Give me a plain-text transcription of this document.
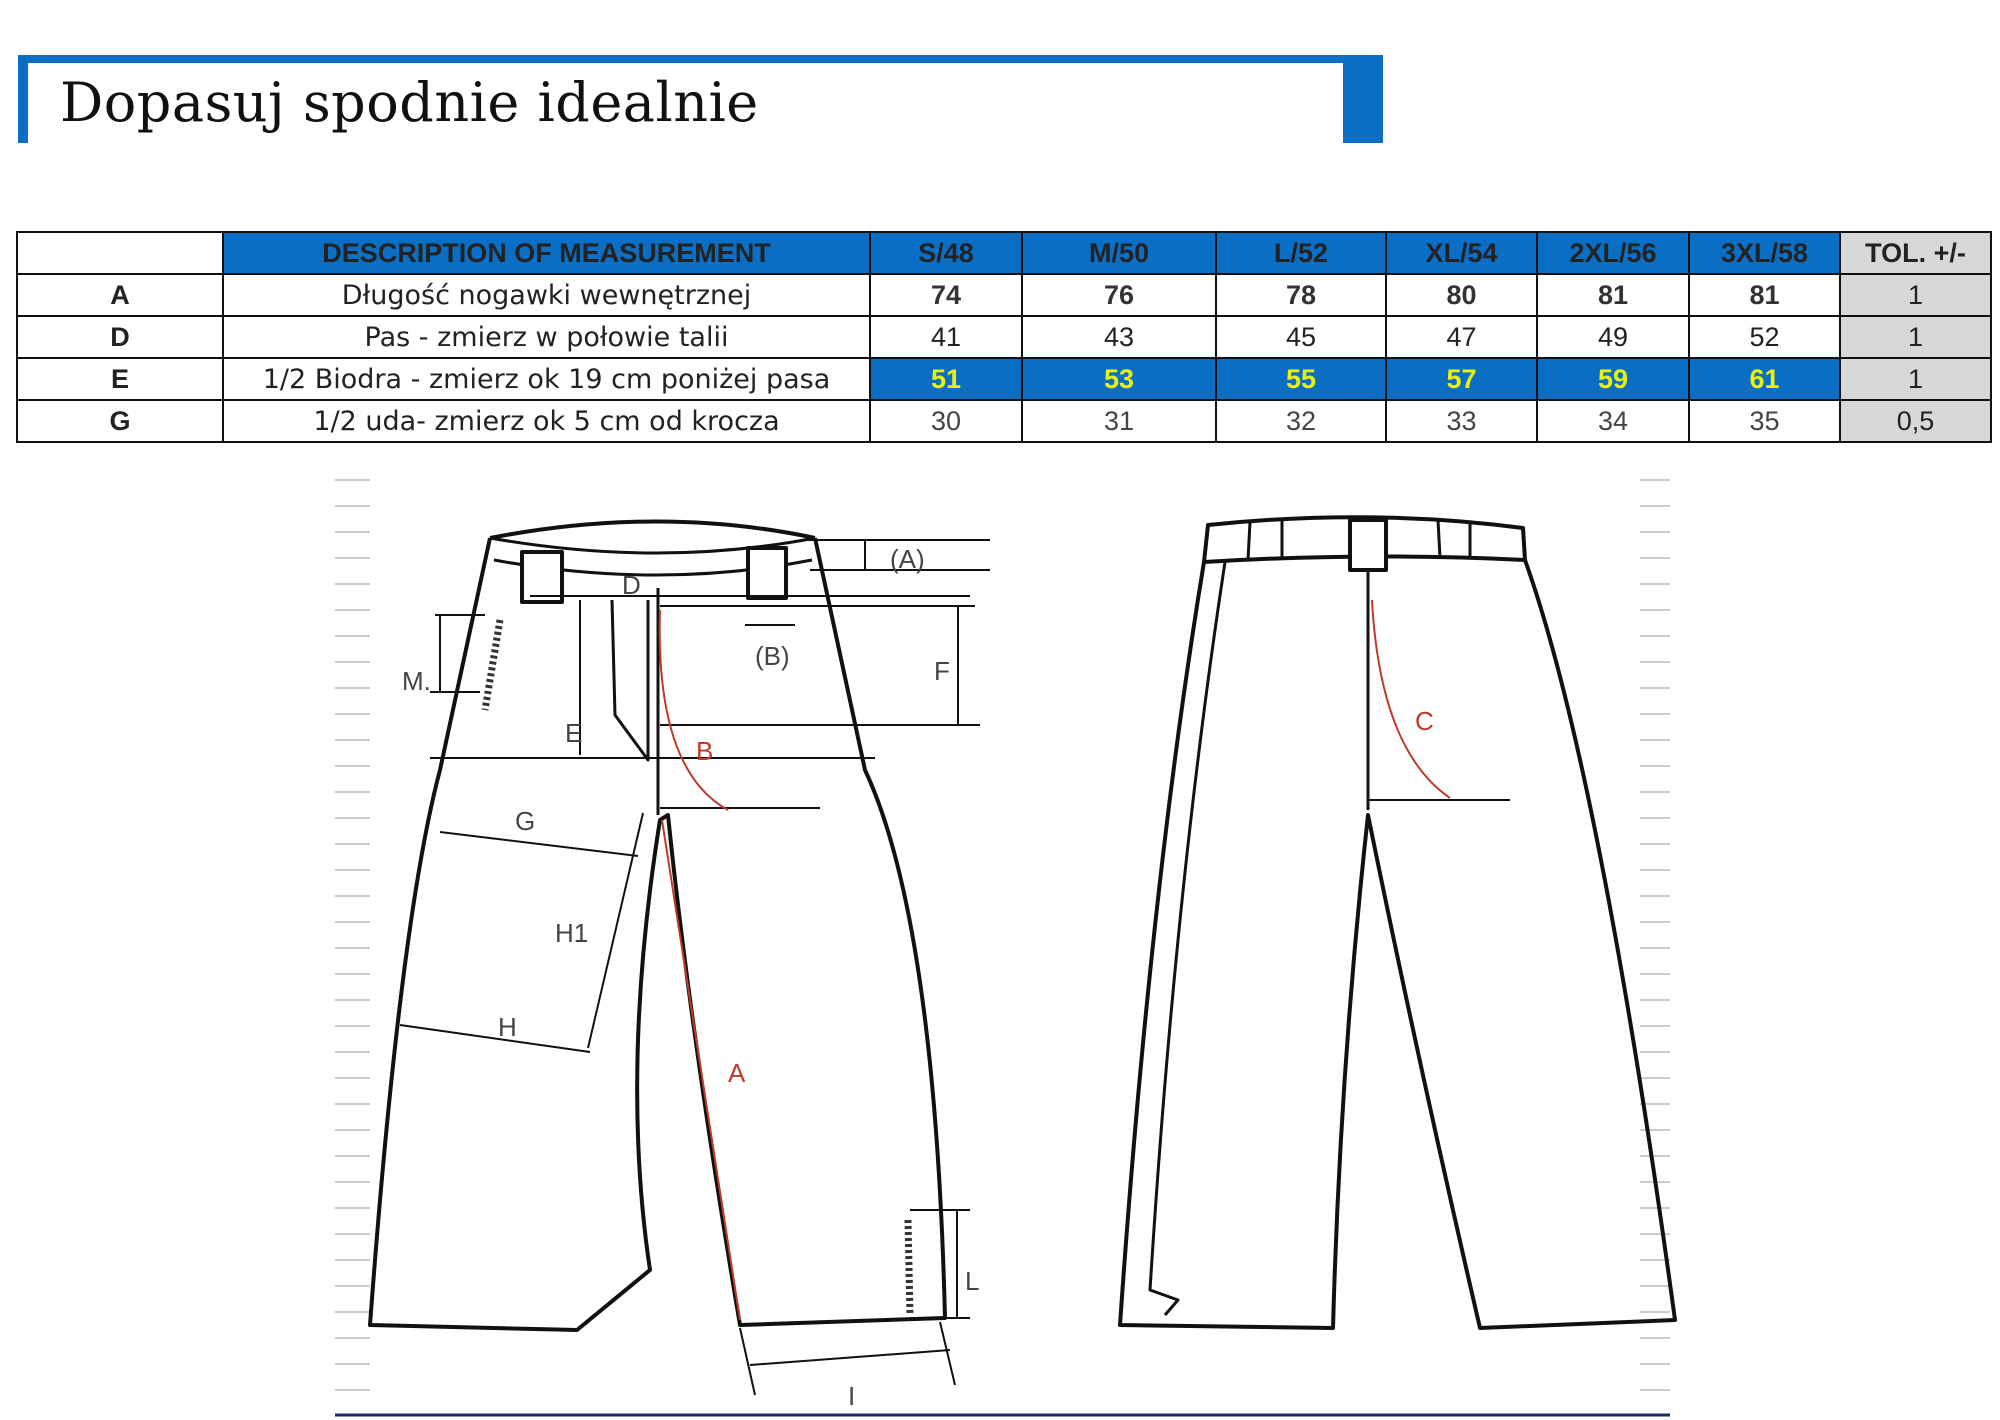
Dopasuj spodnie idealnie
	DESCRIPTION OF MEASUREMENT	S/48	M/50	L/52	XL/54	2XL/56	3XL/58	TOL. +/-
A	Długość nogawki wewnętrznej	74	76	78	80	81	81	1
D	Pas - zmierz w połowie talii	41	43	45	47	49	52	1
E	1/2 Biodra - zmierz ok 19 cm poniżej pasa	51	53	55	57	59	61	1
G	1/2 uda- zmierz ok 5 cm od krocza	30	31	32	33	34	35	0,5
(A)
(B)
D
E
F
M.
G
H1
H
L
I
B
A
C
